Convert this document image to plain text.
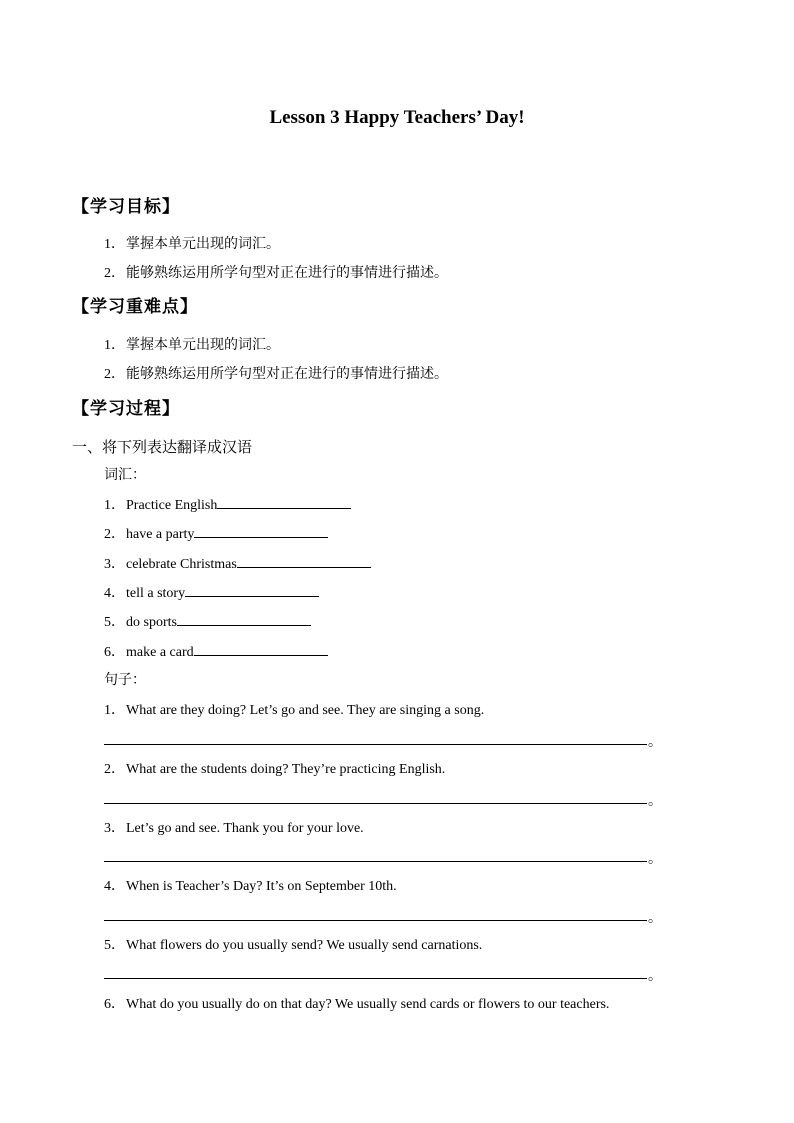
Lesson 3 Happy Teachers’ Day!
【学习目标】
1．掌握本单元出现的词汇。
2．能够熟练运用所学句型对正在进行的事情进行描述。
【学习重难点】
1．掌握本单元出现的词汇。
2．能够熟练运用所学句型对正在进行的事情进行描述。
【学习过程】
一、将下列表达翻译成汉语
词汇：
1．Practice English
2．have a party
3．celebrate Christmas
4．tell a story
5．do sports
6．make a card
句子：
1．What are they doing? Let’s go and see. They are singing a song.
。
2．What are the students doing? They’re practicing English.
。
3．Let’s go and see. Thank you for your love.
。
4．When is Teacher’s Day? It’s on September 10th.
。
5．What flowers do you usually send? We usually send carnations.
。
6．What do you usually do on that day? We usually send cards or flowers to our teachers.
